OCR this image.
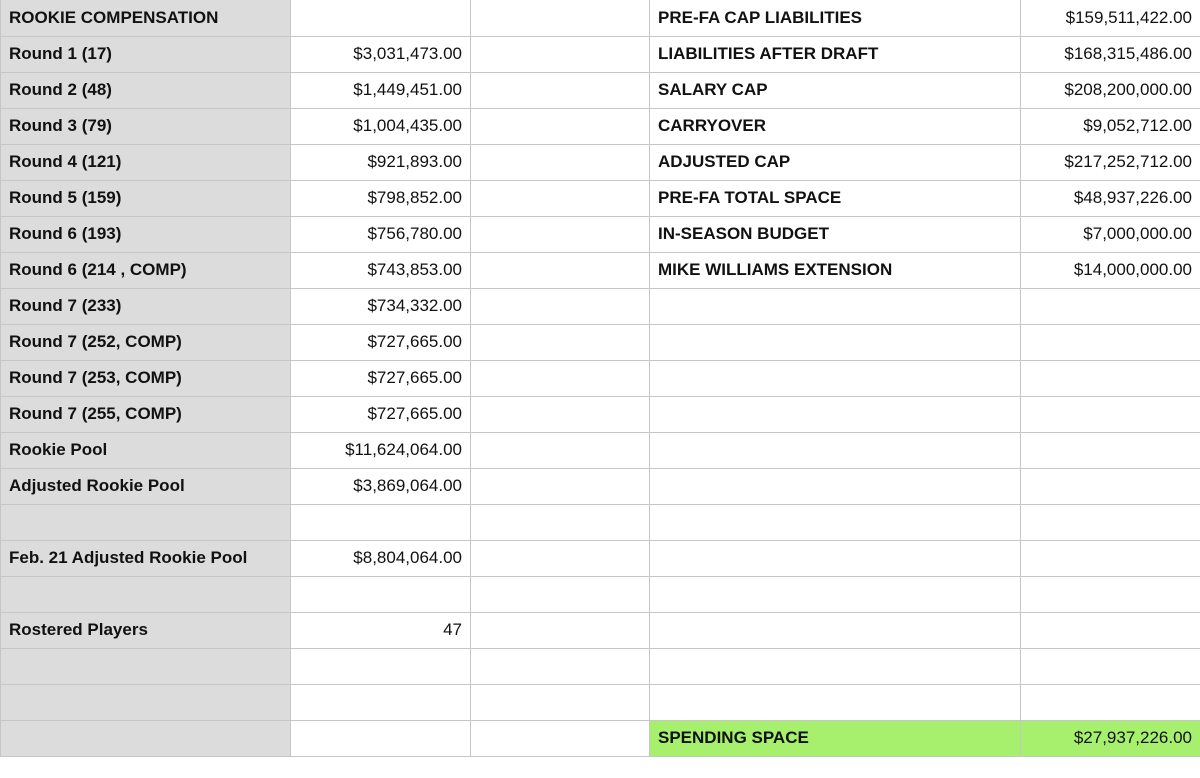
ROOKIE COMPENSATION			PRE-FA CAP LIABILITIES	$159,511,422.00
Round 1 (17)	$3,031,473.00		LIABILITIES AFTER DRAFT	$168,315,486.00
Round 2 (48)	$1,449,451.00		SALARY CAP	$208,200,000.00
Round 3 (79)	$1,004,435.00		CARRYOVER	$9,052,712.00
Round 4 (121)	$921,893.00		ADJUSTED CAP	$217,252,712.00
Round 5 (159)	$798,852.00		PRE-FA TOTAL SPACE	$48,937,226.00
Round 6 (193)	$756,780.00		IN-SEASON BUDGET	$7,000,000.00
Round 6 (214 , COMP)	$743,853.00		MIKE WILLIAMS EXTENSION	$14,000,000.00
Round 7 (233)	$734,332.00			
Round 7 (252, COMP)	$727,665.00			
Round 7 (253, COMP)	$727,665.00			
Round 7 (255, COMP)	$727,665.00			
Rookie Pool	$11,624,064.00			
Adjusted Rookie Pool	$3,869,064.00			

Feb. 21 Adjusted Rookie Pool	$8,804,064.00			

Rostered Players	47			

			SPENDING SPACE	$27,937,226.00
